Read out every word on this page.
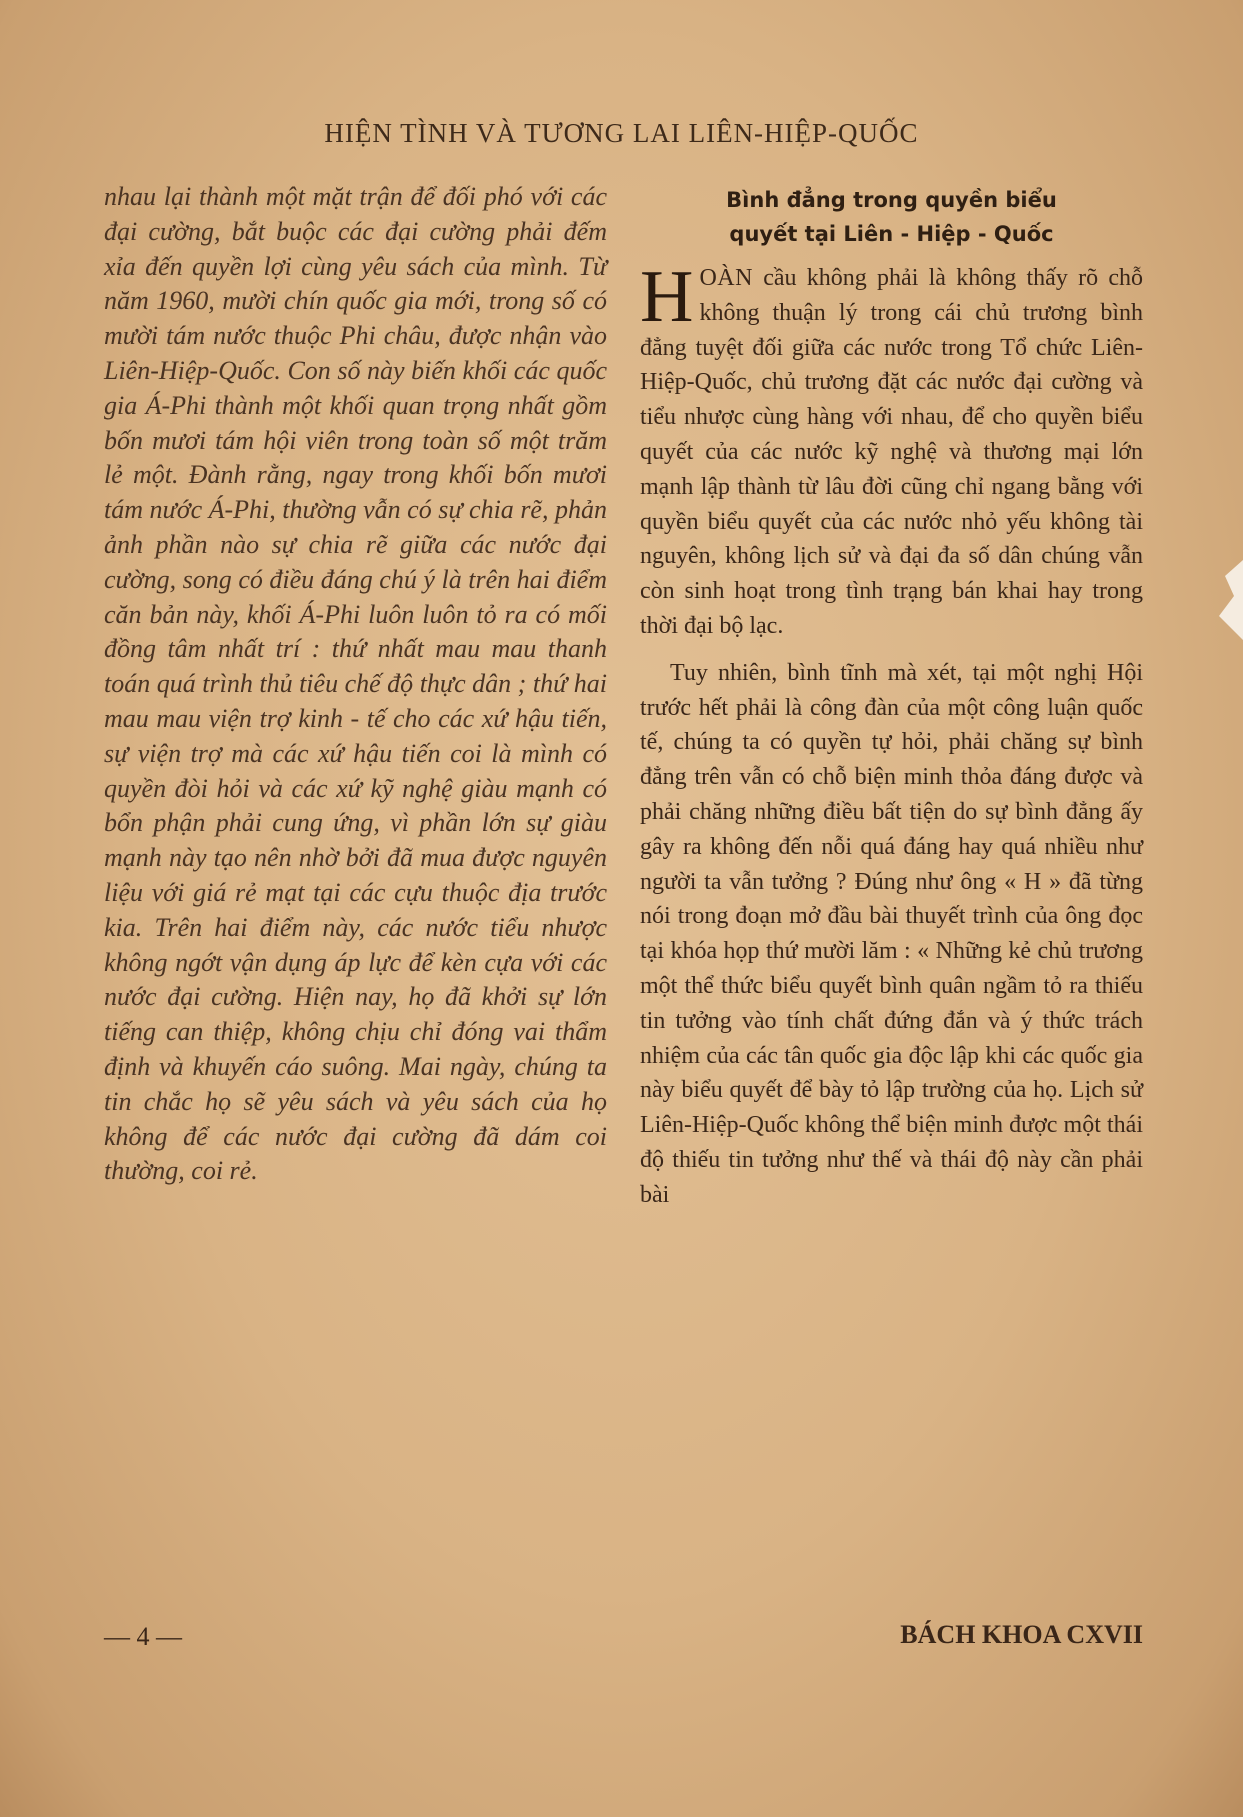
HIỆN TÌNH VÀ TƯƠNG LAI LIÊN-HIỆP-QUỐC

nhau lại thành một mặt trận để đối phó với các đại cường, bắt buộc các đại cường phải đếm xỉa đến quyền lợi cùng yêu sách của mình. Từ năm 1960, mười chín quốc gia mới, trong số có mười tám nước thuộc Phi châu, được nhận vào Liên-Hiệp-Quốc. Con số này biến khối các quốc gia Á-Phi thành một khối quan trọng nhất gồm bốn mươi tám hội viên trong toàn số một trăm lẻ một. Đành rằng, ngay trong khối bốn mươi tám nước Á-Phi, thường vẫn có sự chia rẽ, phản ảnh phần nào sự chia rẽ giữa các nước đại cường, song có điều đáng chú ý là trên hai điểm căn bản này, khối Á-Phi luôn luôn tỏ ra có mối đồng tâm nhất trí : thứ nhất mau mau thanh toán quá trình thủ tiêu chế độ thực dân ; thứ hai mau mau viện trợ kinh - tế cho các xứ hậu tiến, sự viện trợ mà các xứ hậu tiến coi là mình có quyền đòi hỏi và các xứ kỹ nghệ giàu mạnh có bổn phận phải cung ứng, vì phần lớn sự giàu mạnh này tạo nên nhờ bởi đã mua được nguyên liệu với giá rẻ mạt tại các cựu thuộc địa trước kia. Trên hai điểm này, các nước tiểu nhược không ngớt vận dụng áp lực để kèn cựa với các nước đại cường. Hiện nay, họ đã khởi sự lớn tiếng can thiệp, không chịu chỉ đóng vai thẩm định và khuyến cáo suông. Mai ngày, chúng ta tin chắc họ sẽ yêu sách và yêu sách của họ không để các nước đại cường đã dám coi thường, coi rẻ.

Bình đẳng trong quyền biểu
quyết tại Liên - Hiệp - Quốc

HOÀN cầu không phải là không thấy rõ chỗ không thuận lý trong cái chủ trương bình đẳng tuyệt đối giữa các nước trong Tổ chức Liên-Hiệp-Quốc, chủ trương đặt các nước đại cường và tiểu nhược cùng hàng với nhau, để cho quyền biểu quyết của các nước kỹ nghệ và thương mại lớn mạnh lập thành từ lâu đời cũng chỉ ngang bằng với quyền biểu quyết của các nước nhỏ yếu không tài nguyên, không lịch sử và đại đa số dân chúng vẫn còn sinh hoạt trong tình trạng bán khai hay trong thời đại bộ lạc.

Tuy nhiên, bình tĩnh mà xét, tại một nghị Hội trước hết phải là công đàn của một công luận quốc tế, chúng ta có quyền tự hỏi, phải chăng sự bình đẳng trên vẫn có chỗ biện minh thỏa đáng được và phải chăng những điều bất tiện do sự bình đẳng ấy gây ra không đến nỗi quá đáng hay quá nhiều như người ta vẫn tưởng ? Đúng như ông « H » đã từng nói trong đoạn mở đầu bài thuyết trình của ông đọc tại khóa họp thứ mười lăm : « Những kẻ chủ trương một thể thức biểu quyết bình quân ngầm tỏ ra thiếu tin tưởng vào tính chất đứng đắn và ý thức trách nhiệm của các tân quốc gia độc lập khi các quốc gia này biểu quyết để bày tỏ lập trường của họ. Lịch sử Liên-Hiệp-Quốc không thể biện minh được một thái độ thiếu tin tưởng như thế và thái độ này cần phải bài

— 4 —	BÁCH KHOA CXVII
